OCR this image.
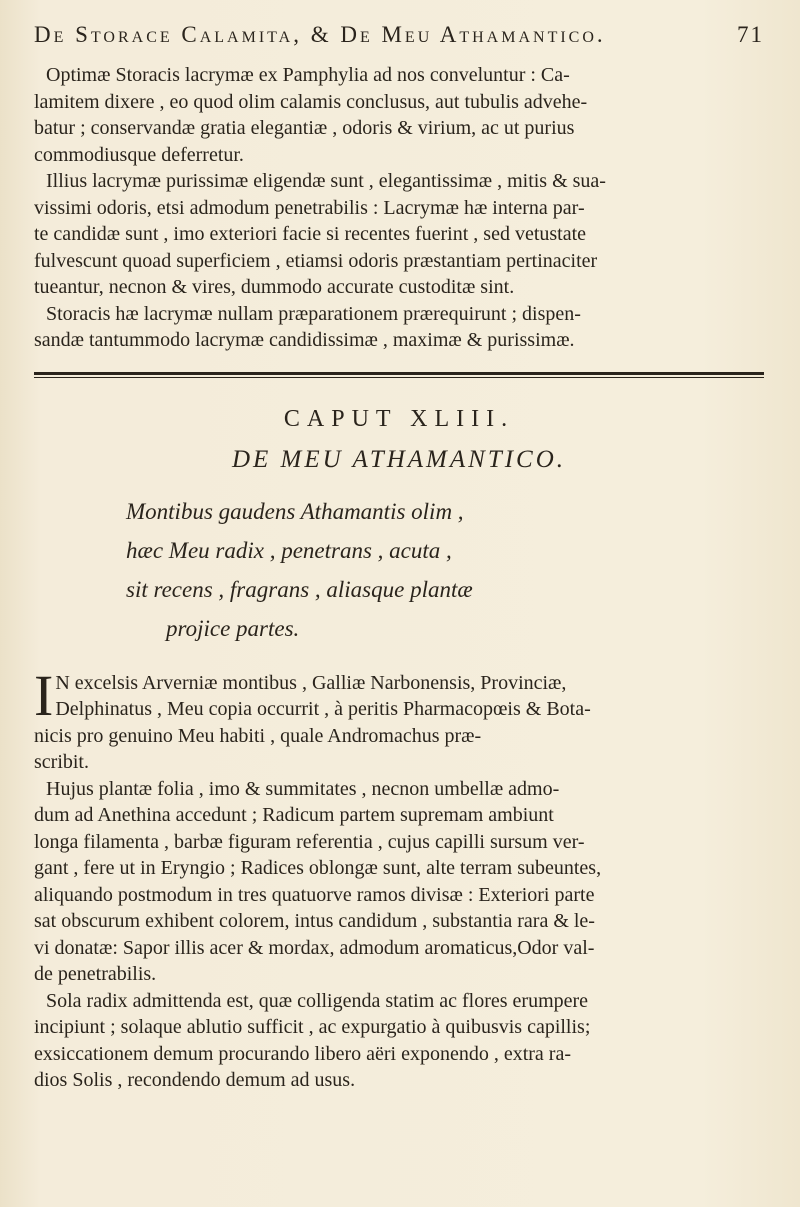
De Storace Calamita, & De Meu Athamantico.	71

Optimæ Storacis lacrymæ ex Pamphylia ad nos conveluntur : Ca-
lamitem dixere , eo quod olim calamis conclusus, aut tubulis advehe-
batur ; conservandæ gratia elegantiæ , odoris & virium, ac ut purius
commodiusque deferretur.

Illius lacrymæ purissimæ eligendæ sunt , elegantissimæ , mitis & sua-
vissimi odoris, etsi admodum penetrabilis : Lacrymæ hæ interna par-
te candidæ sunt , imo exteriori facie si recentes fuerint , sed vetustate
fulvescunt quoad superficiem , etiamsi odoris præstantiam pertinaciter
tueantur, necnon & vires, dummodo accurate custoditæ sint.

Storacis hæ lacrymæ nullam præparationem prærequirunt ; dispen-
sandæ tantummodo lacrymæ candidissimæ , maximæ & purissimæ.

CAPUT XLIII.
DE MEU ATHAMANTICO.
Montibus gaudens Athamantis olim ,
hæc Meu radix , penetrans , acuta ,
sit recens , fragrans , aliasque plantæ
projice partes.

I N excelsis Arverniæ montibus , Galliæ Narbonensis, Provinciæ,
Delphinatus , Meu copia occurrit , à peritis Pharmacopœis & Bota-
nicis pro genuino Meu habiti , quale Andromachus præ-
scribit.

Hujus plantæ folia , imo & summitates , necnon umbellæ admo-
dum ad Anethina accedunt ; Radicum partem supremam ambiunt
longa filamenta , barbæ figuram referentia , cujus capilli sursum ver-
gant , fere ut in Eryngio ; Radices oblongæ sunt, alte terram subeuntes,
aliquando postmodum in tres quatuorve ramos divisæ : Exteriori parte
sat obscurum exhibent colorem, intus candidum , substantia rara & le-
vi donatæ: Sapor illis acer & mordax, admodum aromaticus,Odor val-
de penetrabilis.

Sola radix admittenda est, quæ colligenda statim ac flores erumpere
incipiunt ; solaque ablutio sufficit , ac expurgatio à quibusvis capillis;
exsiccationem demum procurando libero aëri exponendo , extra ra-
dios Solis , recondendo demum ad usus.
